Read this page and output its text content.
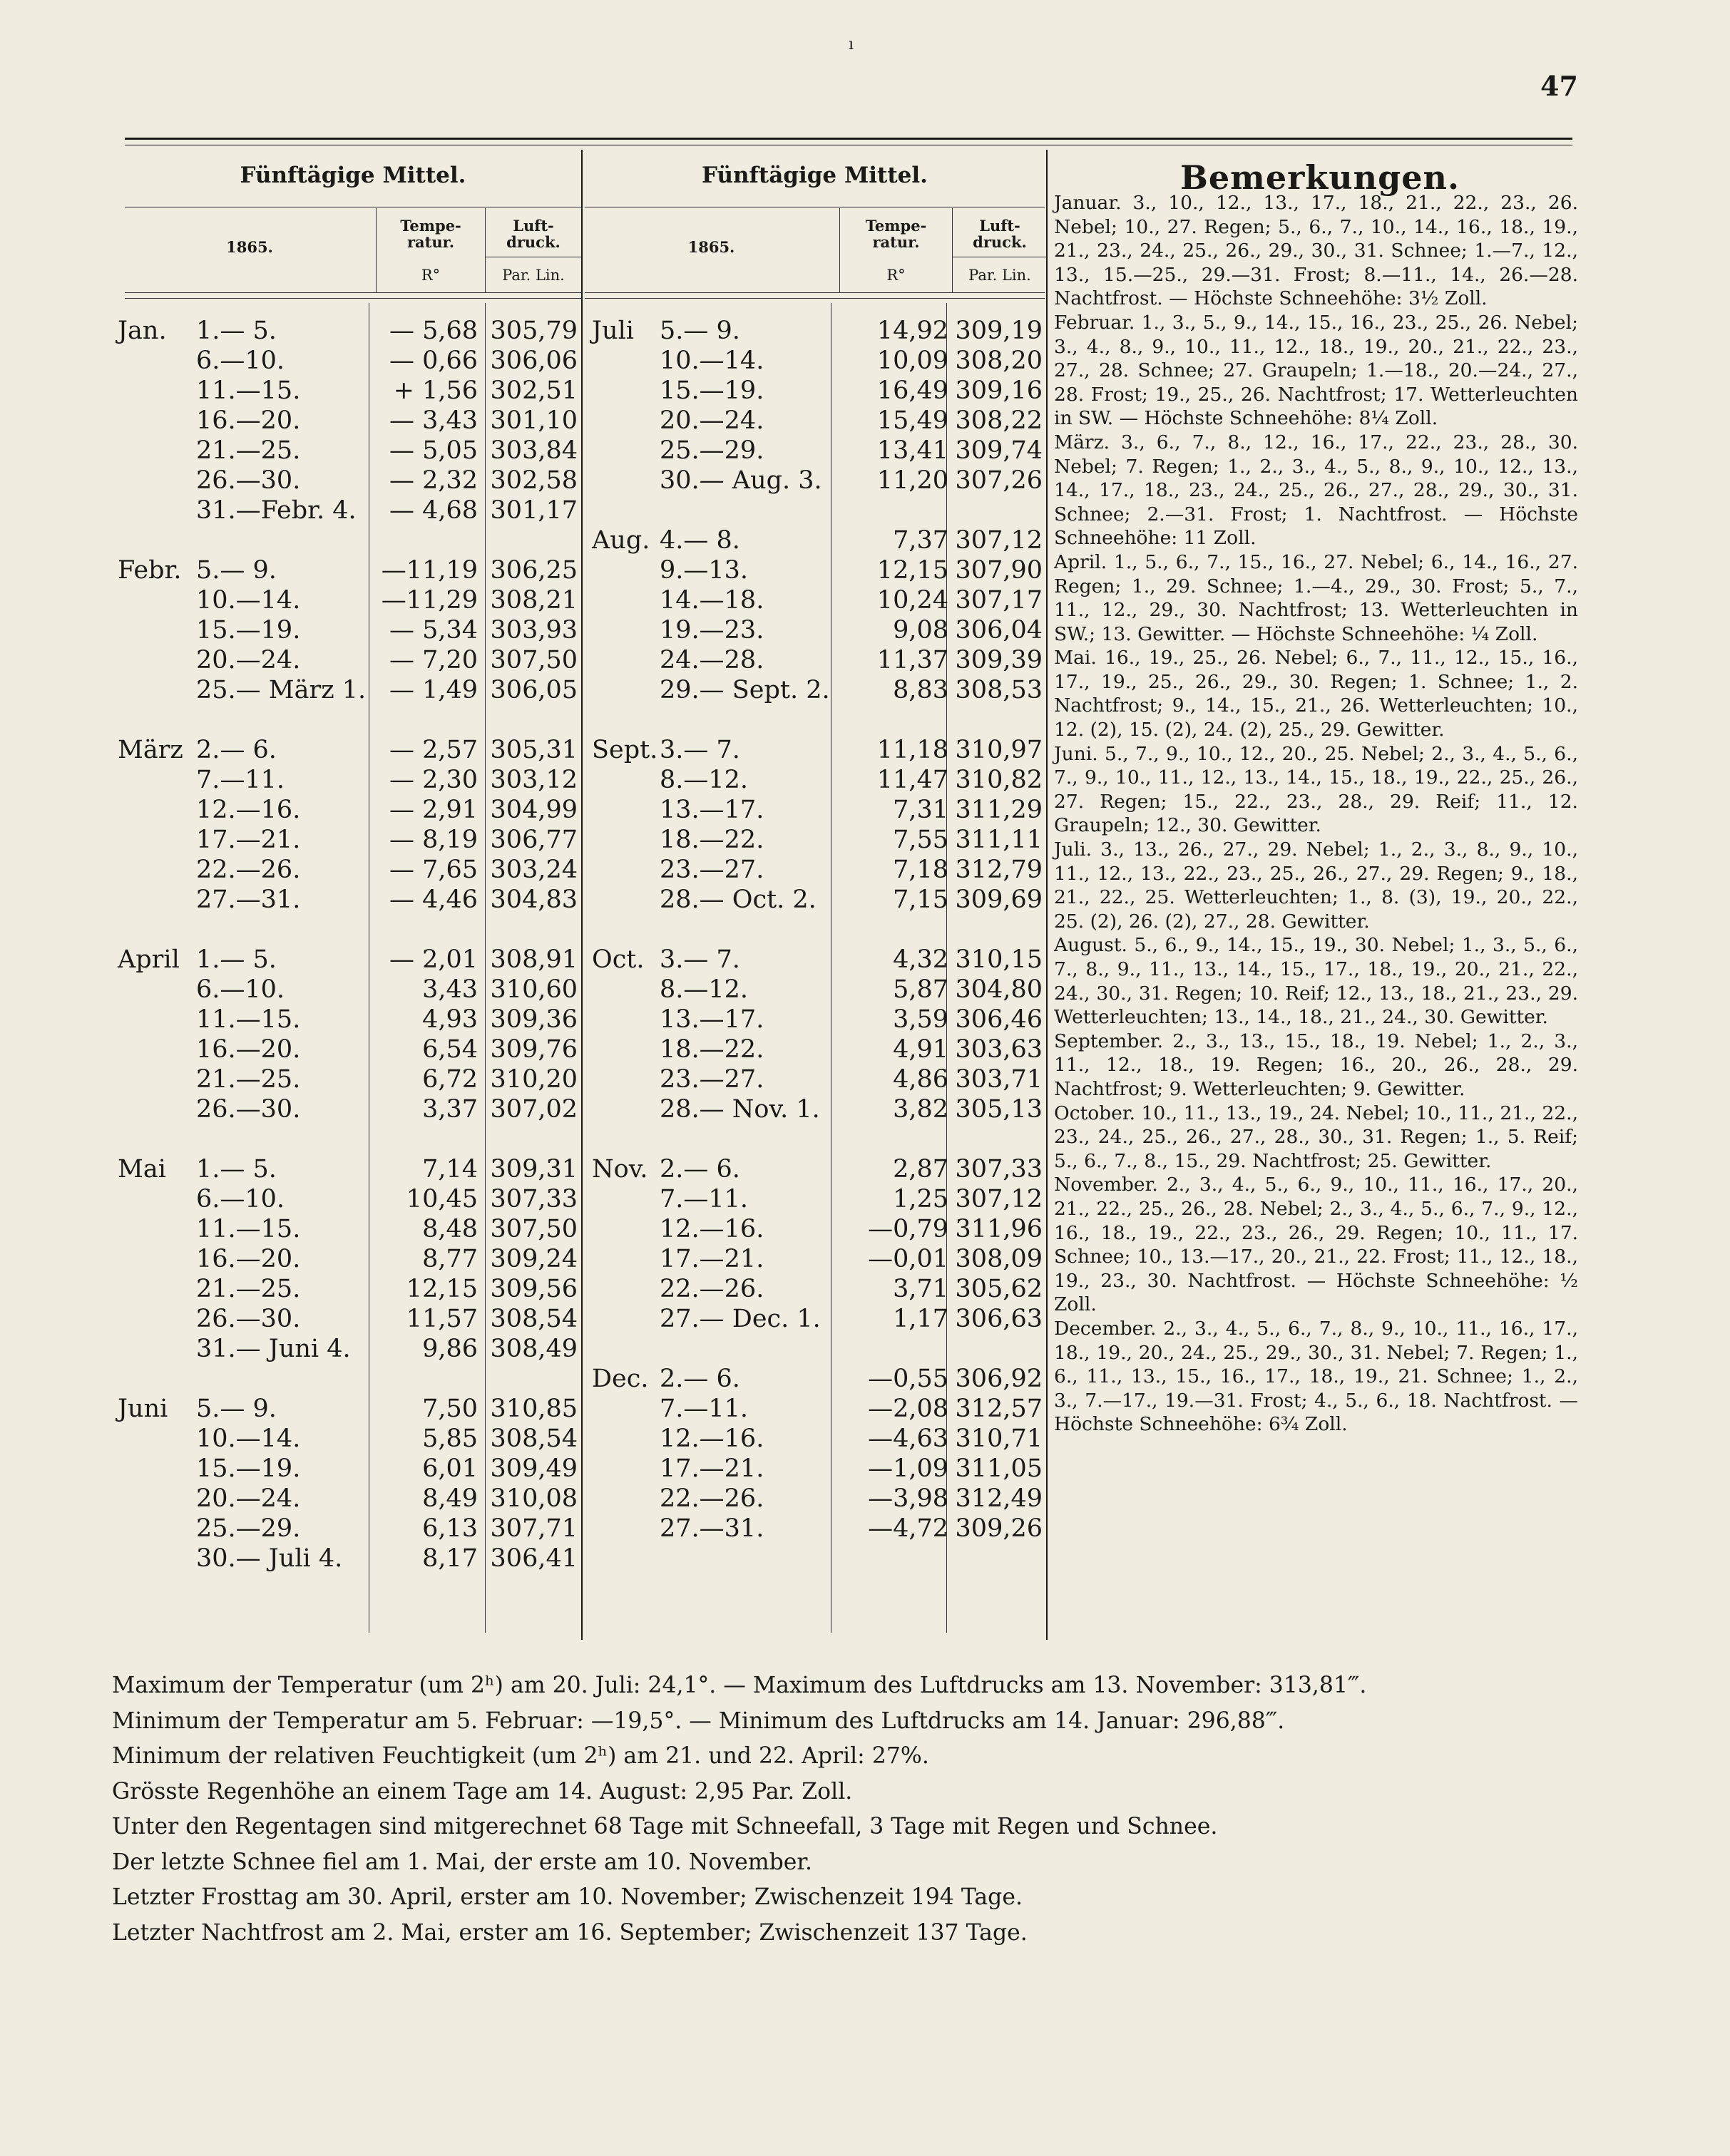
ı
47
Fünftägige Mittel.
1865.
Tempe- ratur.
R°
Luft- druck.
Par. Lin.
Fünftägige Mittel.
1865.
Tempe- ratur.
R°
Luft- druck.
Par. Lin.
Jan. 1.— 5.	— 5,68 305,79
6.—10.	— 0,66 306,06
11.—15.	+ 1,56 302,51
16.—20.	— 3,43 301,10
21.—25.	— 5,05 303,84
26.—30.	— 2,32 302,58
31.—Febr. 4.	— 4,68 301,17
Febr. 5.— 9.	—11,19 306,25
10.—14.	—11,29 308,21
15.—19.	— 5,34 303,93
20.—24.	— 7,20 307,50
25.— März 1. — 1,49 306,05
März 2.— 6.	— 2,57 305,31
7.—11.	— 2,30 303,12
12.—16.	— 2,91 304,99
17.—21.	— 8,19 306,77
22.—26.	— 7,65 303,24
27.—31.	— 4,46 304,83
April 1.— 5.	— 2,01 308,91
6.—10.	3,43 310,60
11.—15.	4,93 309,36
16.—20.	6,54 309,76
21.—25.	6,72 310,20
26.—30.	3,37 307,02
Mai 1.— 5.	7,14 309,31
6.—10.	10,45 307,33
11.—15.	8,48 307,50
16.—20.	8,77 309,24
21.—25.	12,15 309,56
26.—30.	11,57 308,54
31.— Juni 4.	9,86 308,49
Juni 5.— 9.	7,50 310,85
10.—14.	5,85 308,54
15.—19.	6,01 309,49
20.—24.	8,49 310,08
25.—29.	6,13 307,71
30.— Juli 4.	8,17 306,41
Juli 5.— 9.	14,92 309,19
10.—14.	10,09 308,20
15.—19.	16,49 309,16
20.—24.	15,49 308,22
25.—29.	13,41 309,74
30.— Aug. 3.	11,20 307,26
Aug. 4.— 8.	7,37 307,12
9.—13.	12,15 307,90
14.—18.	10,24 307,17
19.—23.	9,08 306,04
24.—28.	11,37 309,39
29.— Sept. 2.	8,83 308,53
Sept. 3.— 7.	11,18 310,97
8.—12.	11,47 310,82
13.—17.	7,31 311,29
18.—22.	7,55 311,11
23.—27.	7,18 312,79
28.— Oct. 2.	7,15 309,69
Oct. 3.— 7.	4,32 310,15
8.—12.	5,87 304,80
13.—17.	3,59 306,46
18.—22.	4,91 303,63
23.—27.	4,86 303,71
28.— Nov. 1.	3,82 305,13
Nov. 2.— 6.	2,87 307,33
7.—11.	1,25 307,12
12.—16.	—0,79 311,96
17.—21.	—0,01 308,09
22.—26.	3,71 305,62
27.— Dec. 1.	1,17 306,63
Dec. 2.— 6.	—0,55 306,92
7.—11.	—2,08 312,57
12.—16.	—4,63 310,71
17.—21.	—1,09 311,05
22.—26.	—3,98 312,49
27.—31.	—4,72 309,26
Bemerkungen.

Januar. 3., 10., 12., 13., 17., 18., 21., 22., 23., 26. Nebel; 10., 27. Regen; 5., 6., 7., 10., 14., 16., 18., 19., 21., 23., 24., 25., 26., 29., 30., 31. Schnee; 1.—7., 12., 13., 15.—25., 29.—31. Frost; 8.—11., 14., 26.—28. Nachtfrost. — Höchste Schneehöhe: 3½ Zoll.

Februar. 1., 3., 5., 9., 14., 15., 16., 23., 25., 26. Nebel; 3., 4., 8., 9., 10., 11., 12., 18., 19., 20., 21., 22., 23., 27., 28. Schnee; 27. Graupeln; 1.—18., 20.—24., 27., 28. Frost; 19., 25., 26. Nachtfrost; 17. Wetterleuchten in SW. — Höchste Schneehöhe: 8¼ Zoll.

März. 3., 6., 7., 8., 12., 16., 17., 22., 23., 28., 30. Nebel; 7. Regen; 1., 2., 3., 4., 5., 8., 9., 10., 12., 13., 14., 17., 18., 23., 24., 25., 26., 27., 28., 29., 30., 31. Schnee; 2.—31. Frost; 1. Nachtfrost. — Höchste Schneehöhe: 11 Zoll.

April. 1., 5., 6., 7., 15., 16., 27. Nebel; 6., 14., 16., 27. Regen; 1., 29. Schnee; 1.—4., 29., 30. Frost; 5., 7., 11., 12., 29., 30. Nachtfrost; 13. Wetterleuchten in SW.; 13. Gewitter. — Höchste Schneehöhe: ¼ Zoll.

Mai. 16., 19., 25., 26. Nebel; 6., 7., 11., 12., 15., 16., 17., 19., 25., 26., 29., 30. Regen; 1. Schnee; 1., 2. Nachtfrost; 9., 14., 15., 21., 26. Wetterleuchten; 10., 12. (2), 15. (2), 24. (2), 25., 29. Gewitter.

Juni. 5., 7., 9., 10., 12., 20., 25. Nebel; 2., 3., 4., 5., 6., 7., 9., 10., 11., 12., 13., 14., 15., 18., 19., 22., 25., 26., 27. Regen; 15., 22., 23., 28., 29. Reif; 11., 12. Graupeln; 12., 30. Gewitter.

Juli. 3., 13., 26., 27., 29. Nebel; 1., 2., 3., 8., 9., 10., 11., 12., 13., 22., 23., 25., 26., 27., 29. Regen; 9., 18., 21., 22., 25. Wetterleuchten; 1., 8. (3), 19., 20., 22., 25. (2), 26. (2), 27., 28. Gewitter.

August. 5., 6., 9., 14., 15., 19., 30. Nebel; 1., 3., 5., 6., 7., 8., 9., 11., 13., 14., 15., 17., 18., 19., 20., 21., 22., 24., 30., 31. Regen; 10. Reif; 12., 13., 18., 21., 23., 29. Wetterleuchten; 13., 14., 18., 21., 24., 30. Gewitter.

September. 2., 3., 13., 15., 18., 19. Nebel; 1., 2., 3., 11., 12., 18., 19. Regen; 16., 20., 26., 28., 29. Nachtfrost; 9. Wetterleuchten; 9. Gewitter.

October. 10., 11., 13., 19., 24. Nebel; 10., 11., 21., 22., 23., 24., 25., 26., 27., 28., 30., 31. Regen; 1., 5. Reif; 5., 6., 7., 8., 15., 29. Nachtfrost; 25. Gewitter.

November. 2., 3., 4., 5., 6., 9., 10., 11., 16., 17., 20., 21., 22., 25., 26., 28. Nebel; 2., 3., 4., 5., 6., 7., 9., 12., 16., 18., 19., 22., 23., 26., 29. Regen; 10., 11., 17. Schnee; 10., 13.—17., 20., 21., 22. Frost; 11., 12., 18., 19., 23., 30. Nachtfrost. — Höchste Schneehöhe: ½ Zoll.

December. 2., 3., 4., 5., 6., 7., 8., 9., 10., 11., 16., 17., 18., 19., 20., 24., 25., 29., 30., 31. Nebel; 7. Regen; 1., 6., 11., 13., 15., 16., 17., 18., 19., 21. Schnee; 1., 2., 3., 7.—17., 19.—31. Frost; 4., 5., 6., 18. Nachtfrost. — Höchste Schneehöhe: 6¾ Zoll.

Maximum der Temperatur (um 2ʰ) am 20. Juli: 24,1°. — Maximum des Luftdrucks am 13. November: 313,81‴.

Minimum der Temperatur am 5. Februar: —19,5°. — Minimum des Luftdrucks am 14. Januar: 296,88‴.

Minimum der relativen Feuchtigkeit (um 2ʰ) am 21. und 22. April: 27%.

Grösste Regenhöhe an einem Tage am 14. August: 2,95 Par. Zoll.

Unter den Regentagen sind mitgerechnet 68 Tage mit Schneefall, 3 Tage mit Regen und Schnee.

Der letzte Schnee fiel am 1. Mai, der erste am 10. November.

Letzter Frosttag am 30. April, erster am 10. November; Zwischenzeit 194 Tage.

Letzter Nachtfrost am 2. Mai, erster am 16. September; Zwischenzeit 137 Tage.
